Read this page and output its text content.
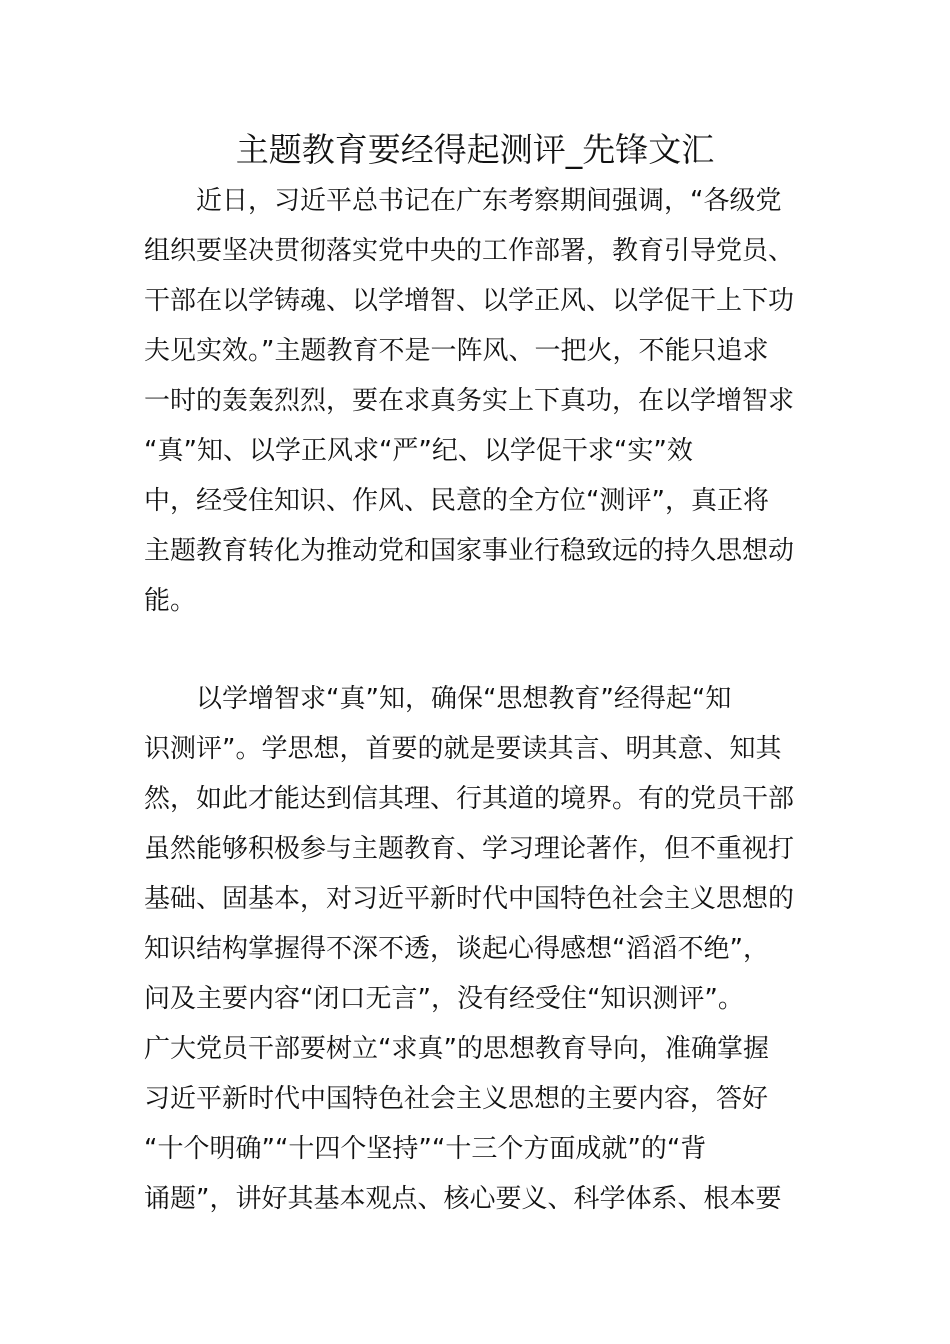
主题教育要经得起测评_先锋文汇
近日，习近平总书记在广东考察期间强调，“各级党
组织要坚决贯彻落实党中央的工作部署，教育引导党员、
干部在以学铸魂、以学增智、以学正风、以学促干上下功
夫见实效。”主题教育不是一阵风、一把火，不能只追求
一时的轰轰烈烈，要在求真务实上下真功，在以学增智求
“真”知、以学正风求“严”纪、以学促干求“实”效
中，经受住知识、作风、民意的全方位“测评”，真正将
主题教育转化为推动党和国家事业行稳致远的持久思想动
能。
以学增智求“真”知，确保“思想教育”经得起“知
识测评”。学思想，首要的就是要读其言、明其意、知其
然，如此才能达到信其理、行其道的境界。有的党员干部
虽然能够积极参与主题教育、学习理论著作，但不重视打
基础、固基本，对习近平新时代中国特色社会主义思想的
知识结构掌握得不深不透，谈起心得感想“滔滔不绝”，
问及主要内容“闭口无言”，没有经受住“知识测评”。
广大党员干部要树立“求真”的思想教育导向，准确掌握
习近平新时代中国特色社会主义思想的主要内容，答好
“十个明确”“十四个坚持”“十三个方面成就”的“背
诵题”，讲好其基本观点、核心要义、科学体系、根本要
